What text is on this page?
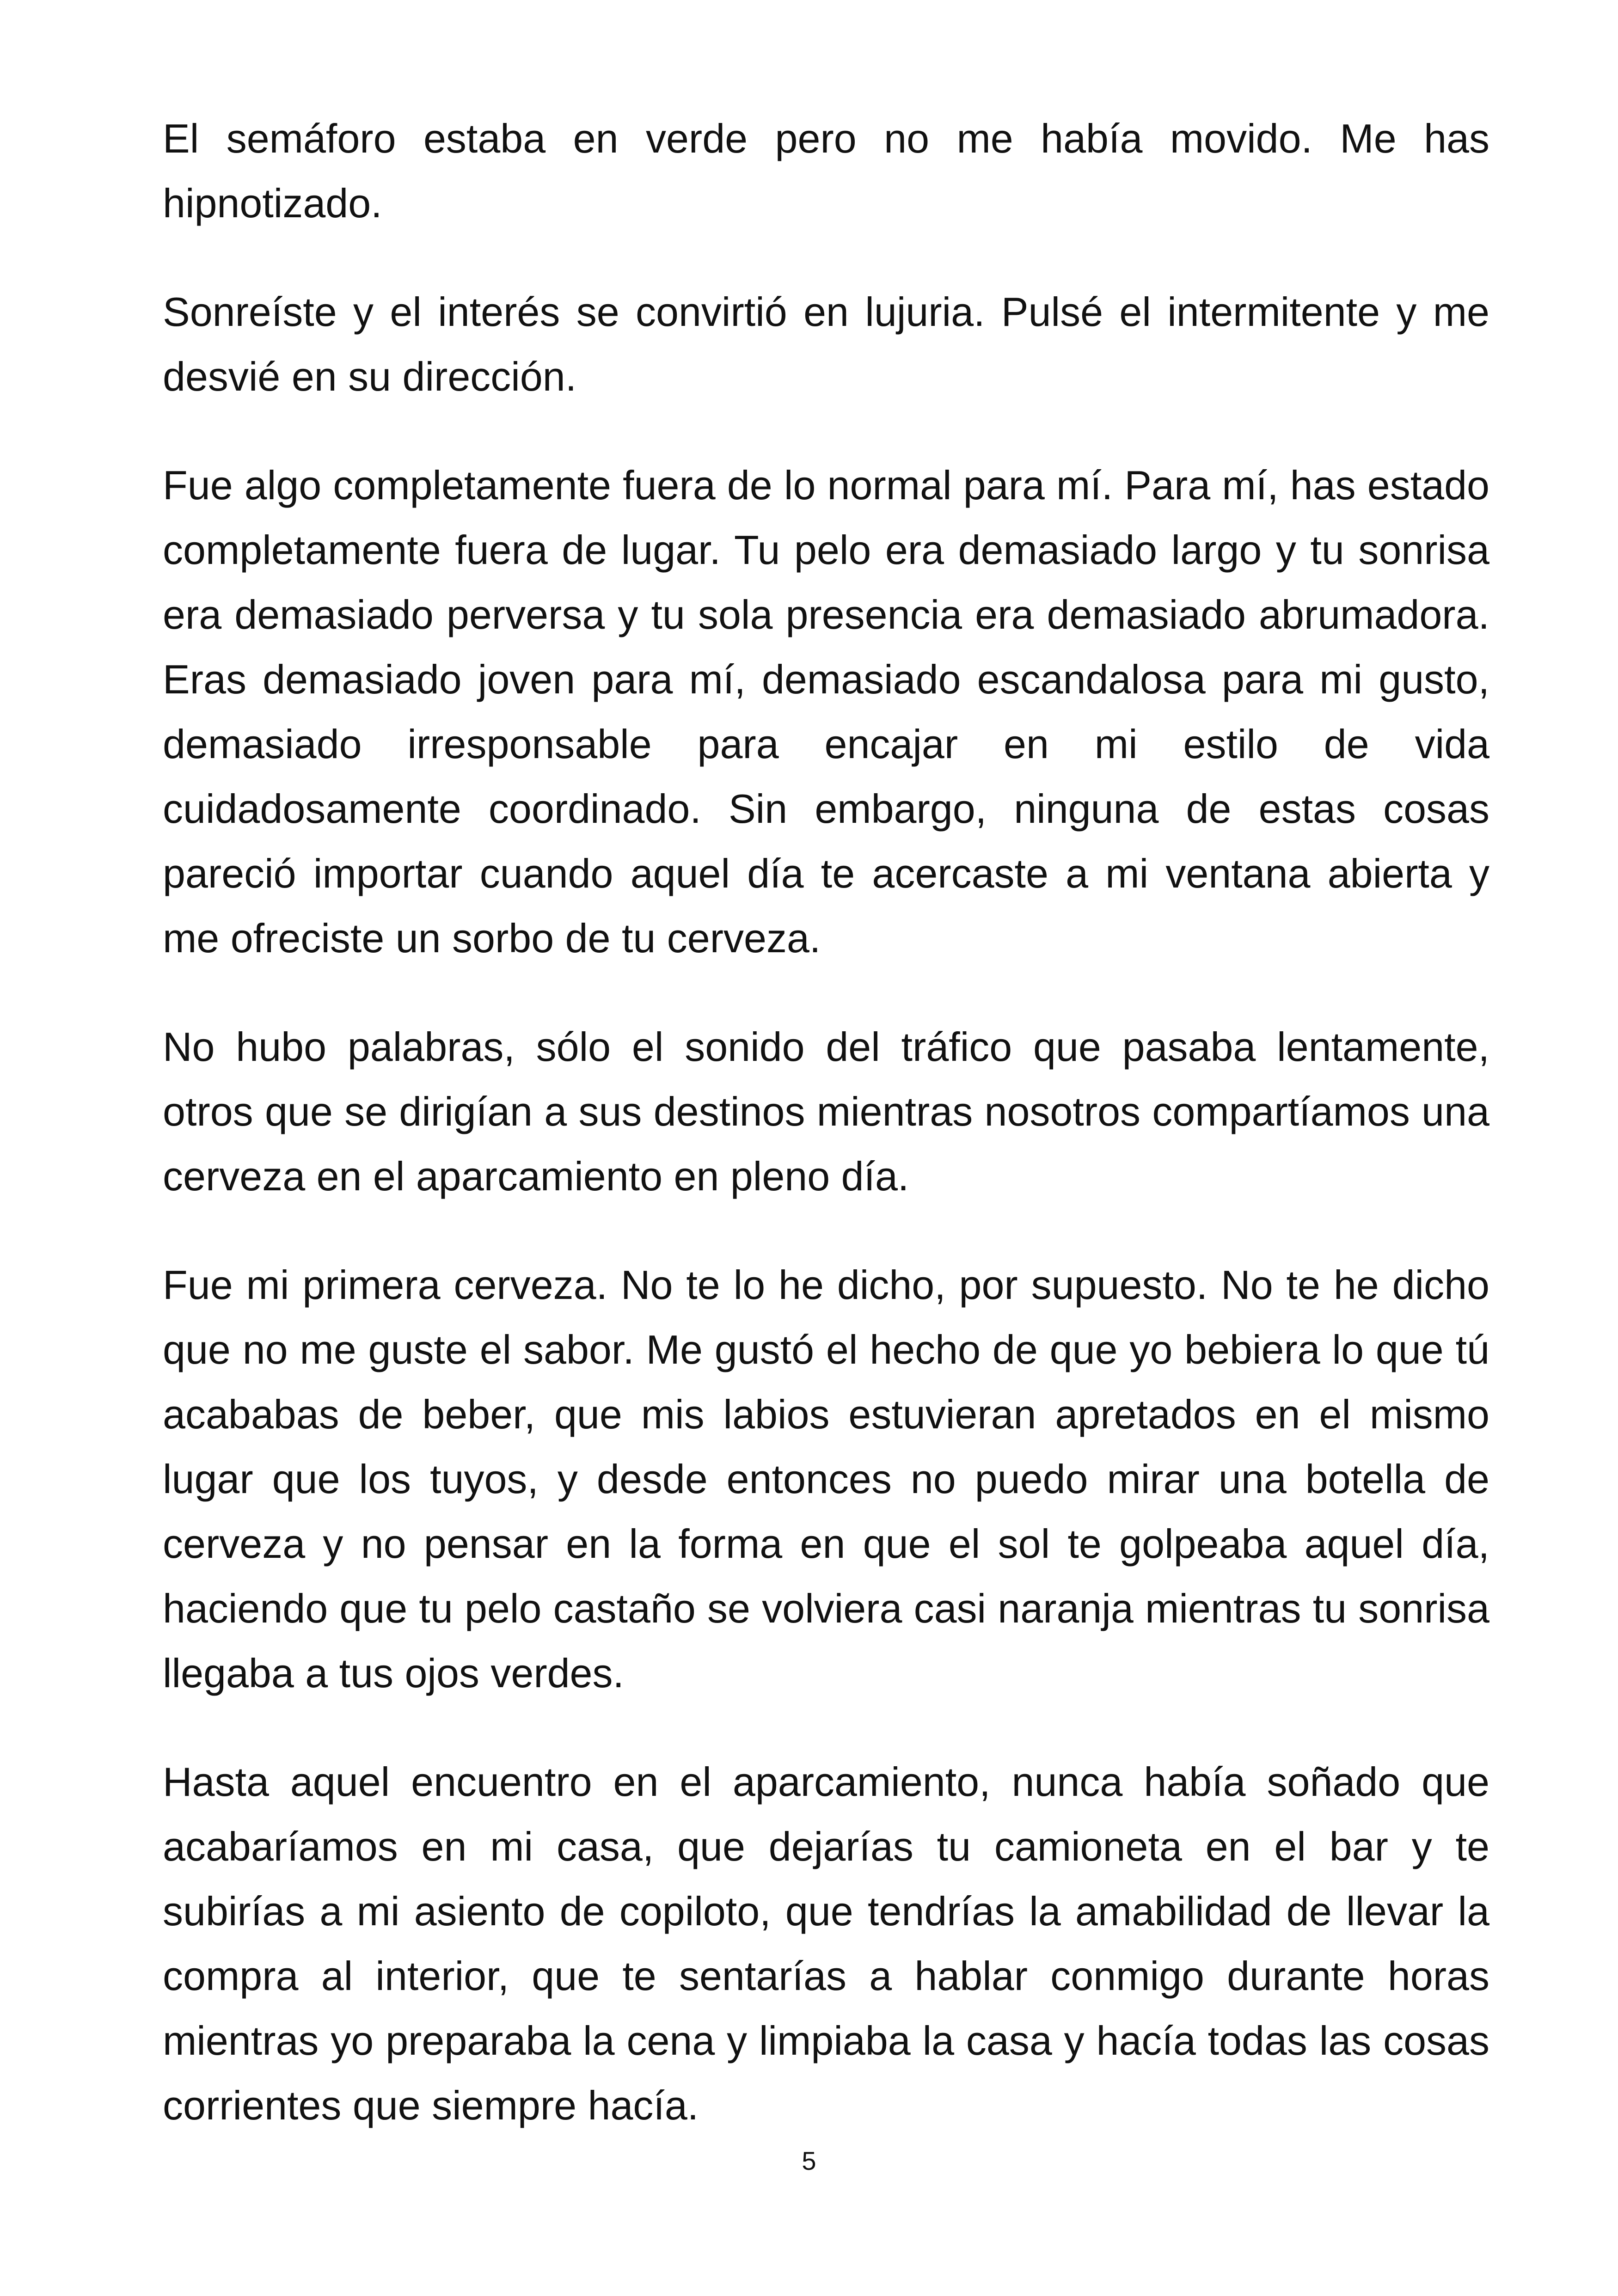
El semáforo estaba en verde pero no me había movido. Me has hipnotizado.

Sonreíste y el interés se convirtió en lujuria. Pulsé el intermitente y me desvié en su dirección.

Fue algo completamente fuera de lo normal para mí. Para mí, has estado completamente fuera de lugar. Tu pelo era demasiado largo y tu sonrisa era demasiado perversa y tu sola presencia era demasiado abrumadora. Eras demasiado joven para mí, demasiado escandalosa para mi gusto, demasiado irresponsable para encajar en mi estilo de vida cuidadosamente coordinado. Sin embargo, ninguna de estas cosas pareció importar cuando aquel día te acercaste a mi ventana abierta y me ofreciste un sorbo de tu cerveza.

No hubo palabras, sólo el sonido del tráfico que pasaba lentamente, otros que se dirigían a sus destinos mientras nosotros compartíamos una cerveza en el aparcamiento en pleno día.

Fue mi primera cerveza. No te lo he dicho, por supuesto. No te he dicho que no me guste el sabor. Me gustó el hecho de que yo bebiera lo que tú acababas de beber, que mis labios estuvieran apretados en el mismo lugar que los tuyos, y desde entonces no puedo mirar una botella de cerveza y no pensar en la forma en que el sol te golpeaba aquel día, haciendo que tu pelo castaño se volviera casi naranja mientras tu sonrisa llegaba a tus ojos verdes.

Hasta aquel encuentro en el aparcamiento, nunca había soñado que acabaríamos en mi casa, que dejarías tu camioneta en el bar y te subirías a mi asiento de copiloto, que tendrías la amabilidad de llevar la compra al interior, que te sentarías a hablar conmigo durante horas mientras yo preparaba la cena y limpiaba la casa y hacía todas las cosas corrientes que siempre hacía.

5
